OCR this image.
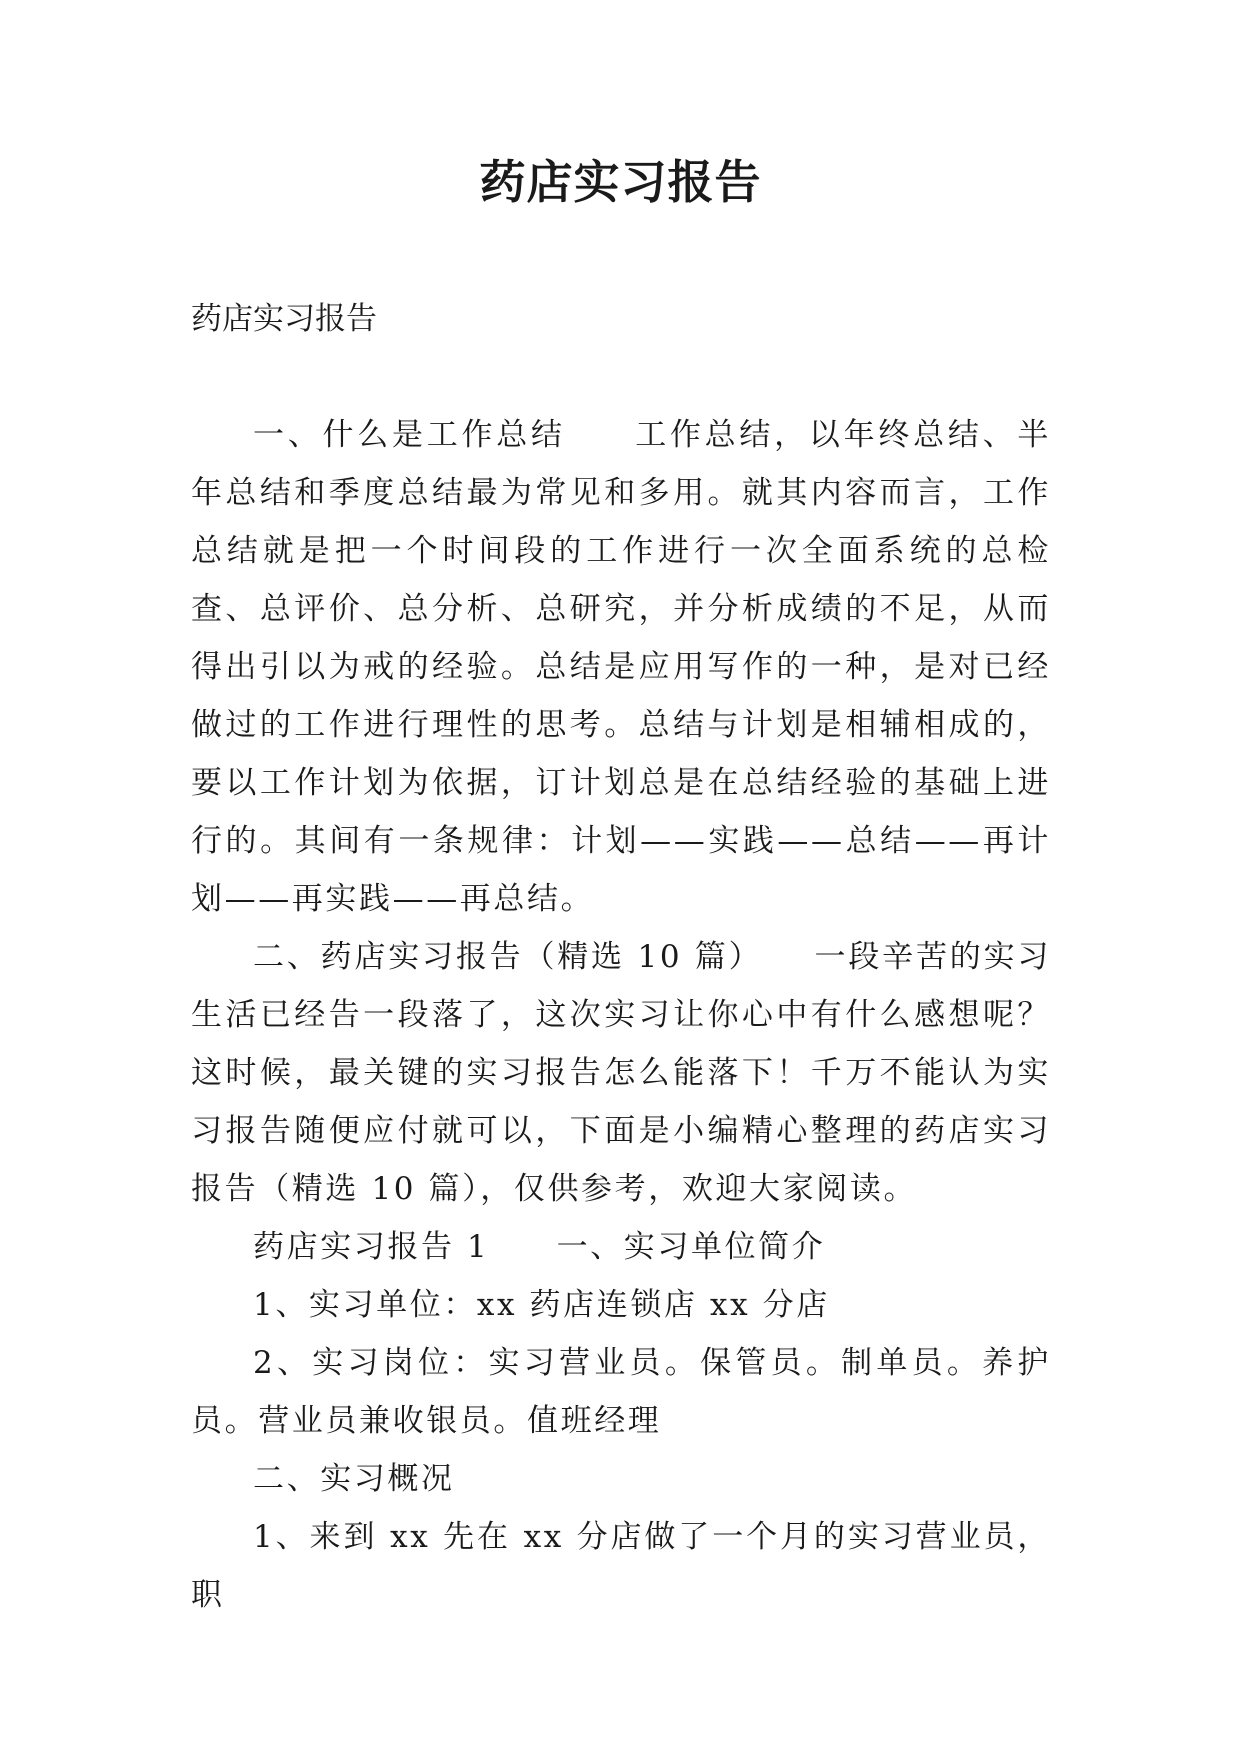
药店实习报告
药店实习报告

一、什么是工作总结　　工作总结，以年终总结、半年总结和季度总结最为常见和多用。就其内容而言，工作总结就是把一个时间段的工作进行一次全面系统的总检查、总评价、总分析、总研究，并分析成绩的不足，从而得出引以为戒的经验。总结是应用写作的一种，是对已经做过的工作进行理性的思考。总结与计划是相辅相成的，要以工作计划为依据，订计划总是在总结经验的基础上进行的。其间有一条规律：计划——实践——总结——再计划——再实践——再总结。

二、药店实习报告（精选 10 篇）　　一段辛苦的实习生活已经告一段落了，这次实习让你心中有什么感想呢？这时候，最关键的实习报告怎么能落下！千万不能认为实习报告随便应付就可以，下面是小编精心整理的药店实习报告（精选 10 篇），仅供参考，欢迎大家阅读。

药店实习报告 1　　一、实习单位简介

1、实习单位：xx 药店连锁店 xx 分店

2、实习岗位：实习营业员。保管员。制单员。养护员。营业员兼收银员。值班经理

二、实习概况

1、来到 xx 先在 xx 分店做了一个月的实习营业员，职
